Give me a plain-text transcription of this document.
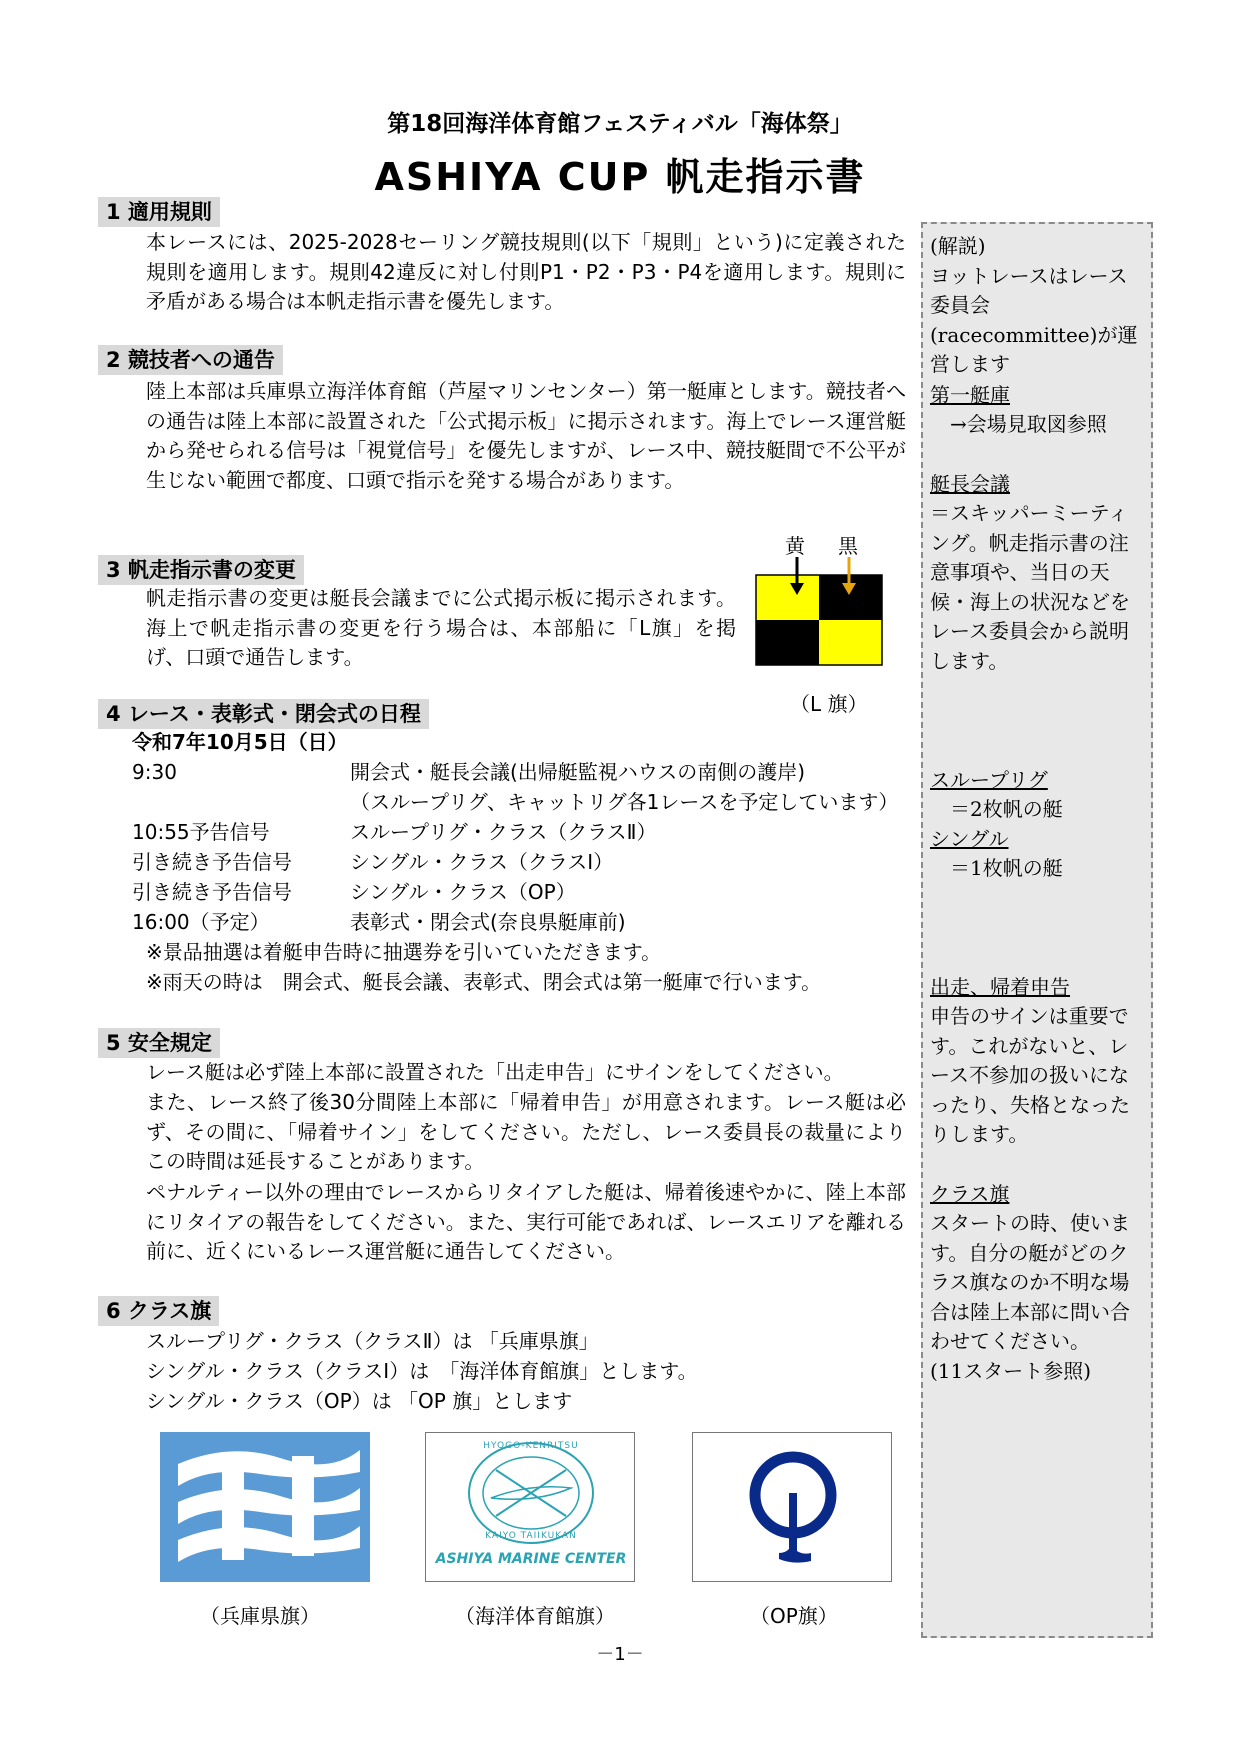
第18回海洋体育館フェスティバル「海体祭」
ASHIYA CUP 帆走指示書
1 適用規則
本レースには、2025-2028セーリング競技規則(以下「規則」という)に定義された規則を適用します。規則42違反に対し付則P1・P2・P3・P4を適用します。規則に矛盾がある場合は本帆走指示書を優先します。
2 競技者への通告
陸上本部は兵庫県立海洋体育館（芦屋マリンセンター）第一艇庫とします。競技者への通告は陸上本部に設置された「公式掲示板」に掲示されます。海上でレース運営艇から発せられる信号は「視覚信号」を優先しますが、レース中、競技艇間で不公平が生じない範囲で都度、口頭で指示を発する場合があります。
3 帆走指示書の変更
帆走指示書の変更は艇長会議までに公式掲示板に掲示されます。海上で帆走指示書の変更を行う場合は、本部船に「L旗」を掲げ、口頭で通告します。
黄 黒
（L 旗）
4 レース・表彰式・閉会式の日程
令和7年10月5日（日）
9:30	開会式・艇長会議(出帰艇監視ハウスの南側の護岸)
（スループリグ、キャットリグ各1レースを予定しています）
10:55予告信号	スループリグ・クラス（クラスⅡ）
引き続き予告信号	シングル・クラス（クラスⅠ）
引き続き予告信号	シングル・クラス（OP）
16:00（予定）	表彰式・閉会式(奈良県艇庫前)
※景品抽選は着艇申告時に抽選券を引いていただきます。
※雨天の時は　開会式、艇長会議、表彰式、閉会式は第一艇庫で行います。
5 安全規定
レース艇は必ず陸上本部に設置された「出走申告」にサインをしてください。
また、レース終了後30分間陸上本部に「帰着申告」が用意されます。レース艇は必ず、その間に、「帰着サイン」をしてください。ただし、レース委員長の裁量によりこの時間は延長することがあります。
ペナルティー以外の理由でレースからリタイアした艇は、帰着後速やかに、陸上本部にリタイアの報告をしてください。また、実行可能であれば、レースエリアを離れる前に、近くにいるレース運営艇に通告してください。
6 クラス旗
スループリグ・クラス（クラスⅡ）は 「兵庫県旗」
シングル・クラス（クラスⅠ）は　「海洋体育館旗」とします。
シングル・クラス（OP）は 「OP 旗」とします
（兵庫県旗）
HYOGO-KENRITSU
KAIYO TAIIKUKAN
ASHIYA MARINE CENTER
（海洋体育館旗）	（OP旗）
(解説)
ヨットレースはレース委員会(racecommittee)が運営します
第一艇庫
　→会場見取図参照
艇長会議
＝スキッパーミーティング。帆走指示書の注意事項や、当日の天候・海上の状況などをレース委員会から説明します。
スループリグ
　＝2枚帆の艇
シングル
　＝1枚帆の艇
出走、帰着申告
申告のサインは重要です。これがないと、レース不参加の扱いになったり、失格となったりします。
クラス旗
スタートの時、使います。自分の艇がどのクラス旗なのか不明な場合は陸上本部に問い合わせてください。
(11スタート参照)
－1－
